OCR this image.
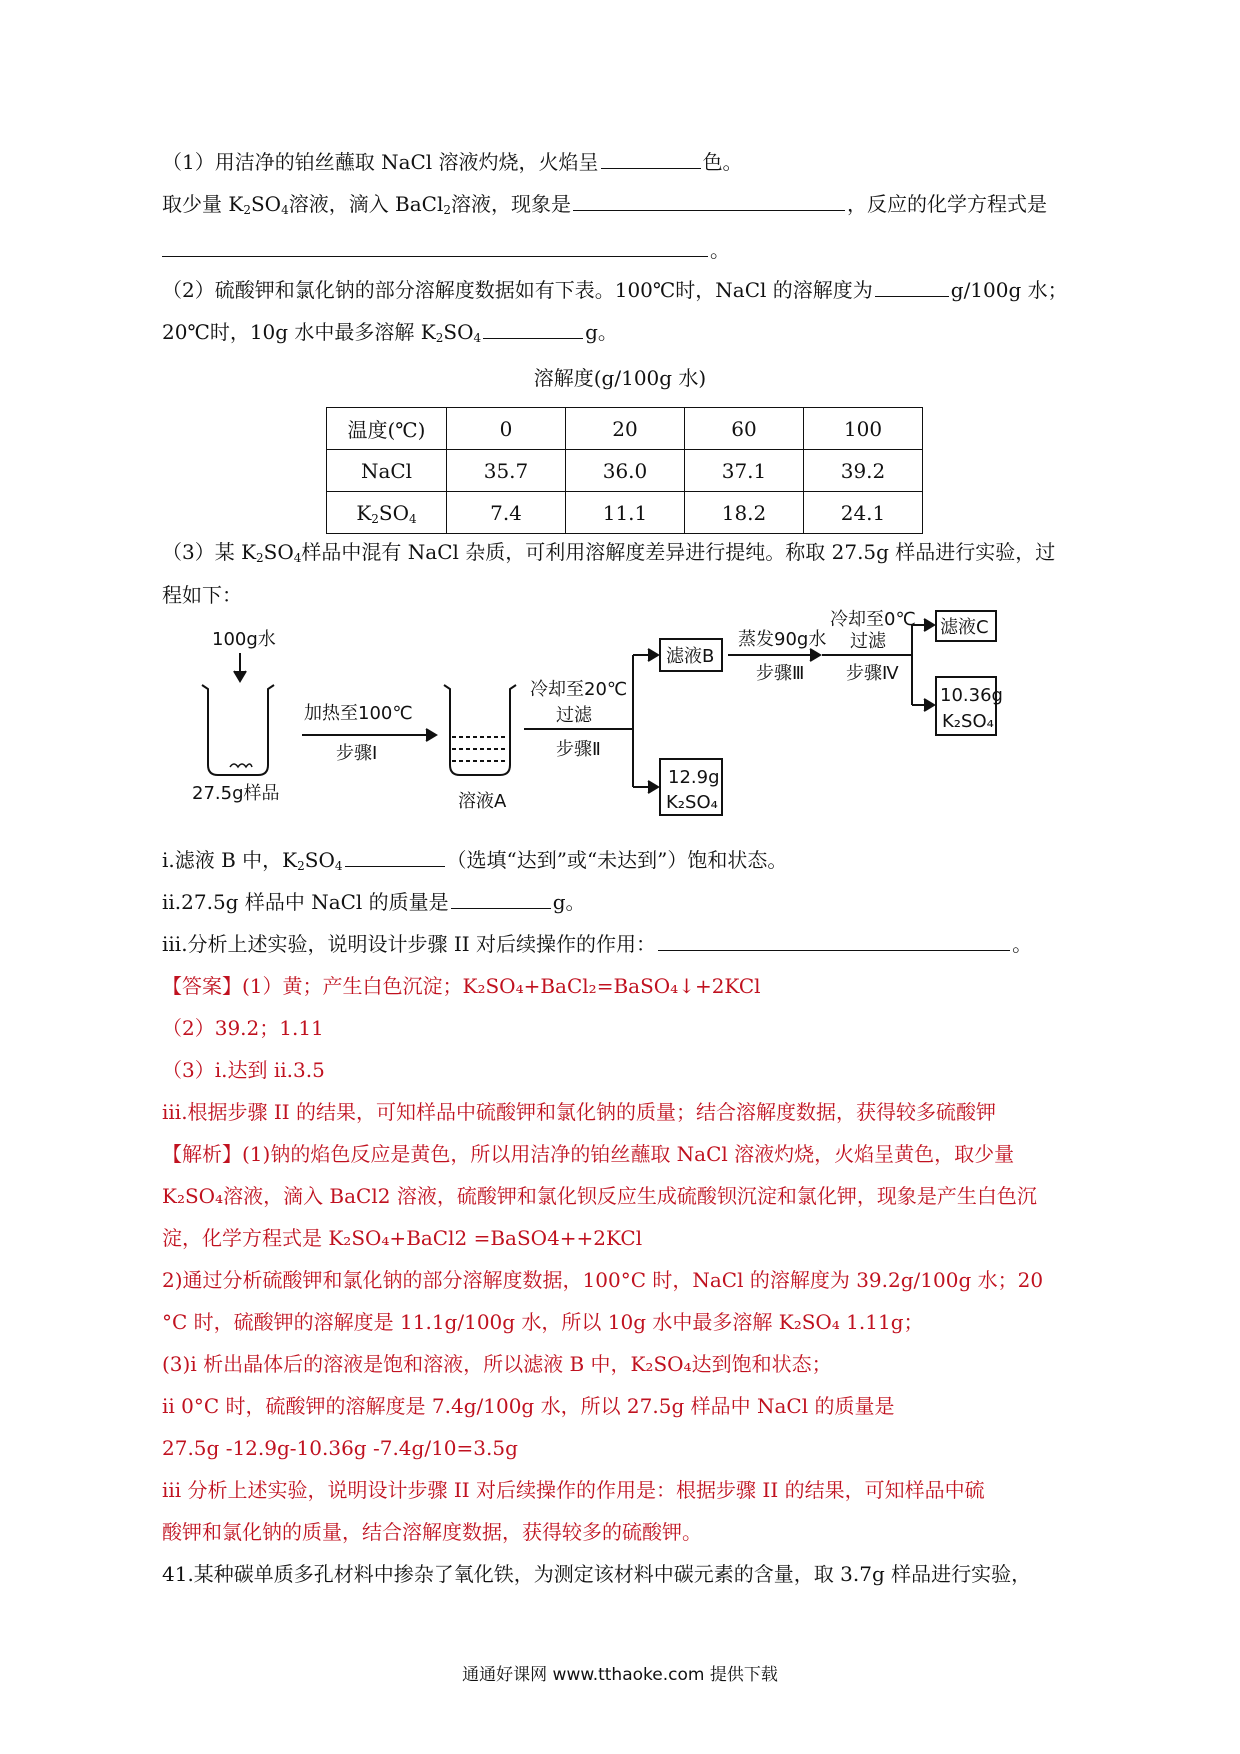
（1）用洁净的铂丝蘸取 NaCl 溶液灼烧，火焰呈	色。
取少量 $K_2SO_4$溶液，滴入 BaCl$_2$溶液，现象是	，反应的化学方程式是
。
（2）硫酸钾和氯化钠的部分溶解度数据如有下表。100℃时，NaCl 的溶解度为	g/100g 水；
20℃时，10g 水中最多溶解 $K_2SO_4$	g。
溶解度(g/100g 水)
温度(℃)	0	20	60	100
NaCl	35.7	36.0	37.1	39.2
$K_2SO_4$	7.4	11.1	18.2	24.1
（3）某 $K_2SO_4$样品中混有 NaCl 杂质，可利用溶解度差异进行提纯。称取 27.5g 样品进行实验，过
程如下：
100g水
27.5g样品
加热至100℃
步骤Ⅰ
溶液A
冷却至20℃
过滤
步骤Ⅱ
滤液B
12.9g
K₂SO₄
蒸发90g水
步骤Ⅲ
冷却至0℃
过滤
步骤Ⅳ
滤液C
10.36g
K₂SO₄
i.滤液 B 中，$K_2SO_4$	（选填“达到”或“未达到”）饱和状态。
ii.27.5g 样品中 NaCl 的质量是	g。
iii.分析上述实验，说明设计步骤 II 对后续操作的作用：	。
【答案】(1）黄；产生白色沉淀；K₂SO₄+BaCl₂=BaSO₄↓+2KCl
（2）39.2；1.11
（3）i.达到 ii.3.5
iii.根据步骤 II 的结果，可知样品中硫酸钾和氯化钠的质量；结合溶解度数据，获得较多硫酸钾
【解析】(1)钠的焰色反应是黄色，所以用洁净的铂丝蘸取 NaCl 溶液灼烧，火焰呈黄色，取少量
K₂SO₄溶液，滴入 BaCl2 溶液，硫酸钾和氯化钡反应生成硫酸钡沉淀和氯化钾，现象是产生白色沉
淀，化学方程式是 K₂SO₄+BaCl2 =BaSO4++2KCl
2)通过分析硫酸钾和氯化钠的部分溶解度数据，100°C 时，NaCl 的溶解度为 39.2g/100g 水；20
°C 时，硫酸钾的溶解度是 11.1g/100g 水，所以 10g 水中最多溶解 K₂SO₄ 1.11g；
(3)i 析出晶体后的溶液是饱和溶液，所以滤液 B 中，K₂SO₄达到饱和状态；
ii 0°C 时，硫酸钾的溶解度是 7.4g/100g 水，所以 27.5g 样品中 NaCl 的质量是
27.5g -12.9g-10.36g -7.4g/10=3.5g
iii 分析上述实验，说明设计步骤 II 对后续操作的作用是：根据步骤 II 的结果，可知样品中硫
酸钾和氯化钠的质量，结合溶解度数据，获得较多的硫酸钾。
41.某种碳单质多孔材料中掺杂了氧化铁，为测定该材料中碳元素的含量，取 3.7g 样品进行实验，
通通好课网 www.tthaoke.com 提供下载
